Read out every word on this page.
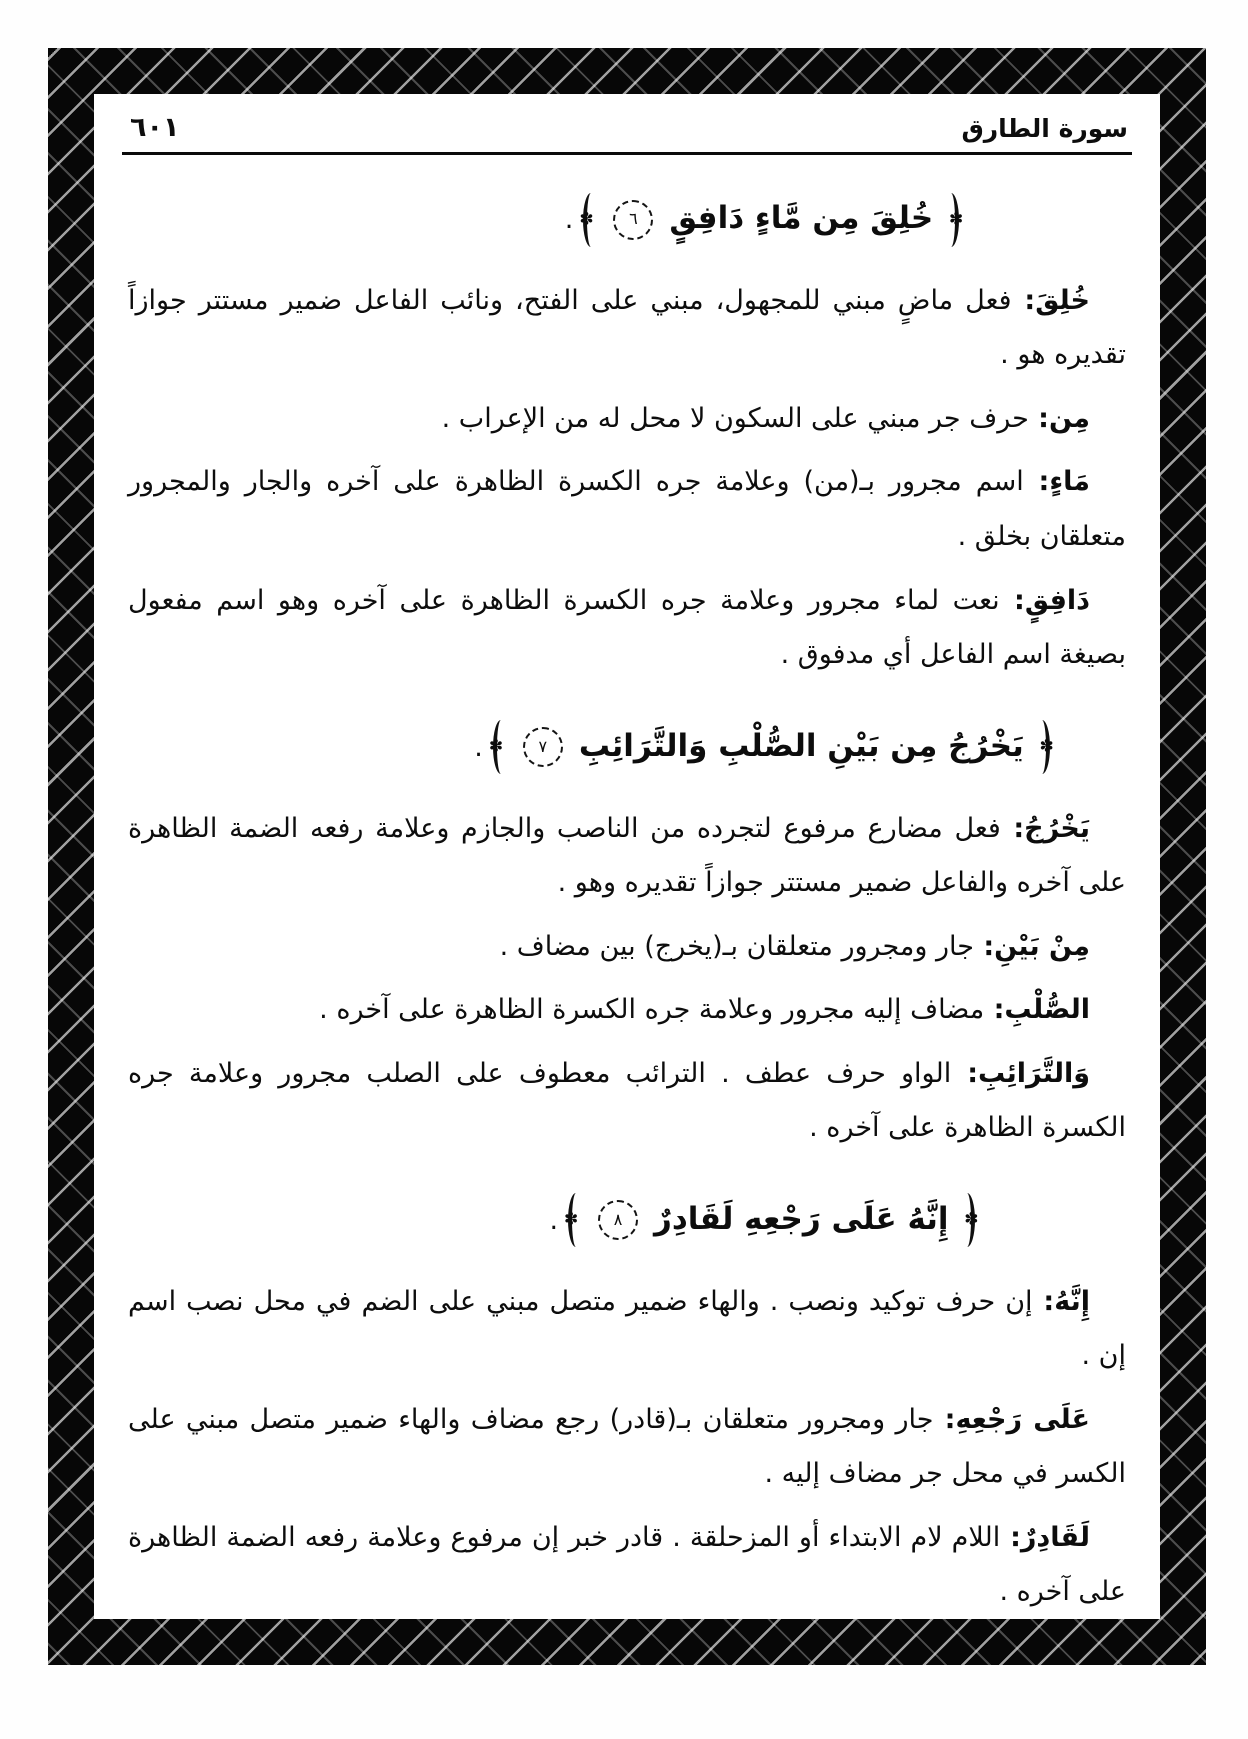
سورة الطارق
٦٠١
✽
خُلِقَ مِن مَّاءٍ دَافِقٍ٦
✽
.

خُلِقَ: فعل ماضٍ مبني للمجهول، مبني على الفتح، ونائب الفاعل ضمير مستتر جوازاً تقديره هو .

مِن: حرف جر مبني على السكون لا محل له من الإعراب .

مَاءٍ: اسم مجرور بـ(من) وعلامة جره الكسرة الظاهرة على آخره والجار والمجرور متعلقان بخلق .

دَافِقٍ: نعت لماء مجرور وعلامة جره الكسرة الظاهرة على آخره وهو اسم مفعول بصيغة اسم الفاعل أي مدفوق .

✽
يَخْرُجُ مِن بَيْنِ الصُّلْبِ وَالتَّرَائِبِ٧
✽
.

يَخْرُجُ: فعل مضارع مرفوع لتجرده من الناصب والجازم وعلامة رفعه الضمة الظاهرة على آخره والفاعل ضمير مستتر جوازاً تقديره وهو .

مِنْ بَيْنِ: جار ومجرور متعلقان بـ(يخرج) بين مضاف .

الصُّلْبِ: مضاف إليه مجرور وعلامة جره الكسرة الظاهرة على آخره .

وَالتَّرَائِبِ: الواو حرف عطف . الترائب معطوف على الصلب مجرور وعلامة جره الكسرة الظاهرة على آخره .

✽
إِنَّهُ عَلَى رَجْعِهِ لَقَادِرٌ٨
✽
.

إِنَّهُ: إن حرف توكيد ونصب . والهاء ضمير متصل مبني على الضم في محل نصب اسم إن .

عَلَى رَجْعِهِ: جار ومجرور متعلقان بـ(قادر) رجع مضاف والهاء ضمير متصل مبني على الكسر في محل جر مضاف إليه .

لَقَادِرٌ: اللام لام الابتداء أو المزحلقة . قادر خبر إن مرفوع وعلامة رفعه الضمة الظاهرة على آخره .
